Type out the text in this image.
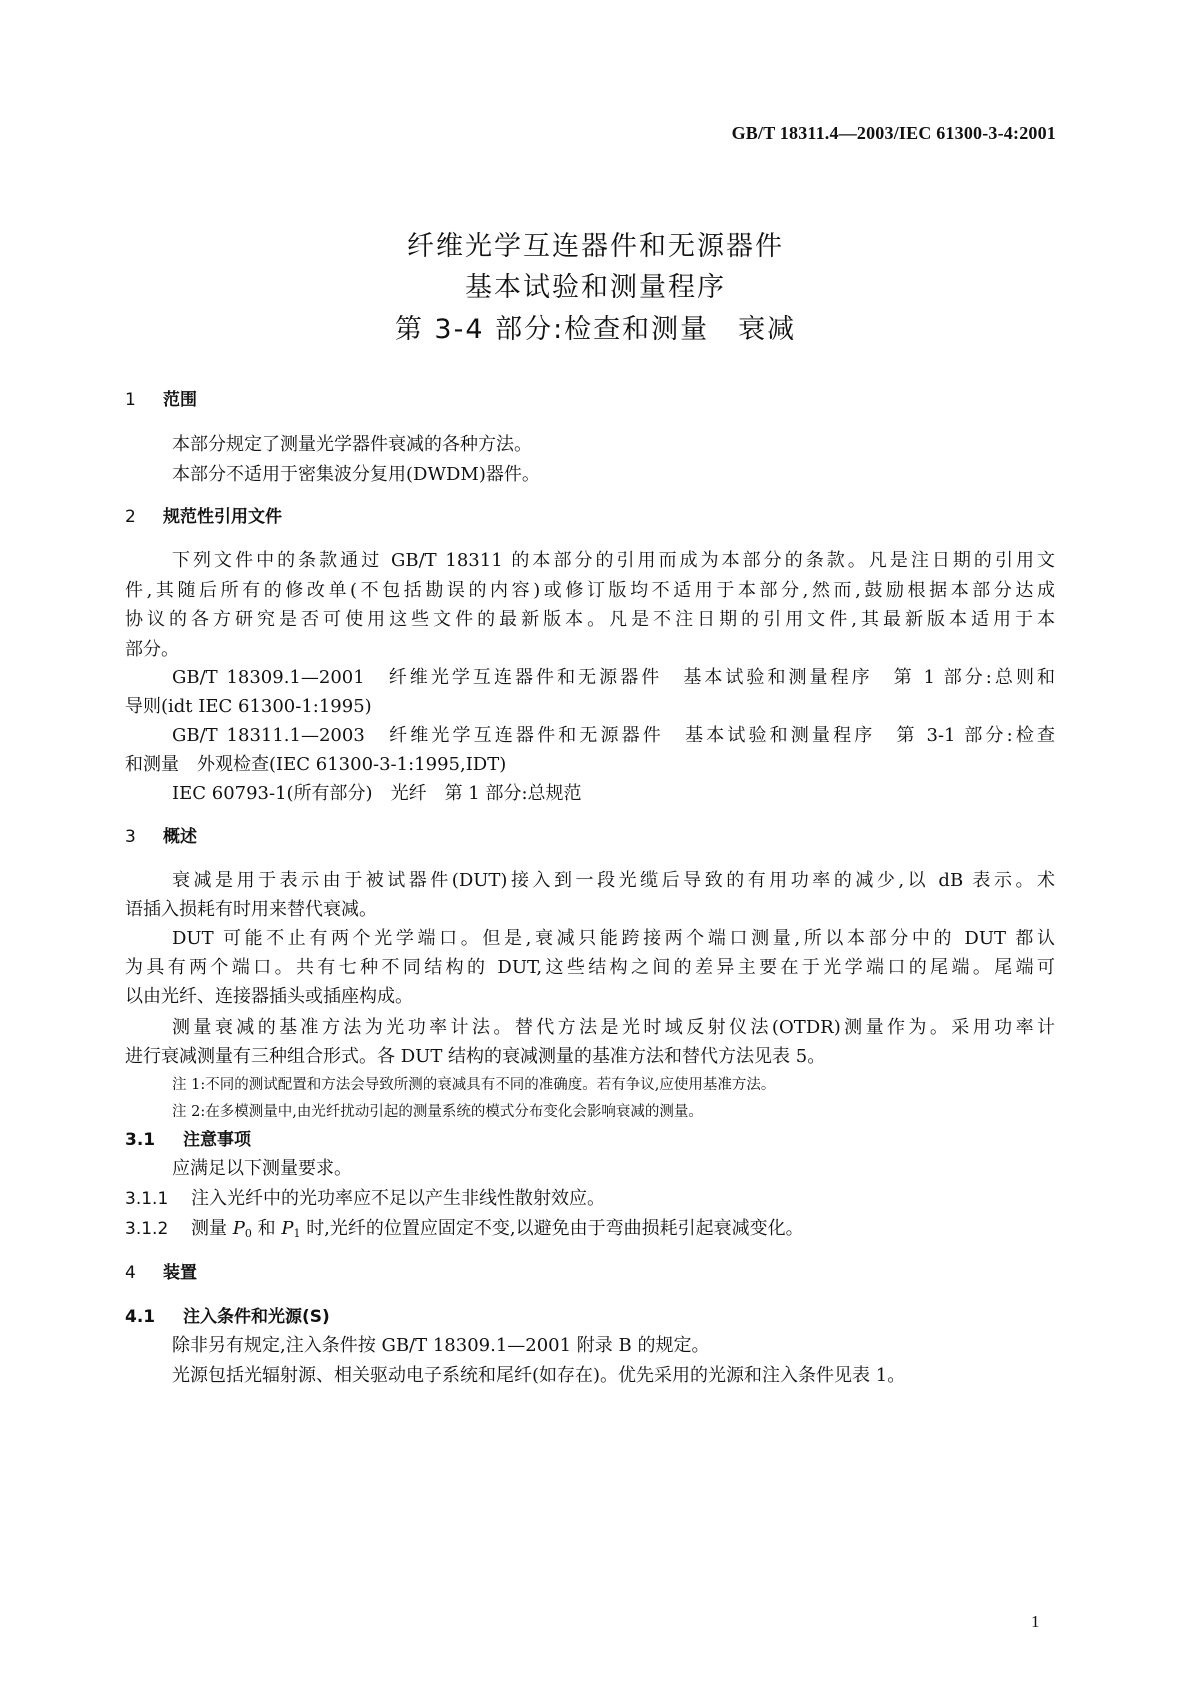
GB/T 18311.4—2003/IEC 61300-3-4:2001
纤维光学互连器件和无源器件
基本试验和测量程序
第 3-4 部分:检查和测量　衰减
1 范围
本部分规定了测量光学器件衰减的各种方法。
本部分不适用于密集波分复用(DWDM)器件。
2 规范性引用文件
下列文件中的条款通过 GB/T 18311 的本部分的引用而成为本部分的条款。凡是注日期的引用文
件,其随后所有的修改单(不包括勘误的内容)或修订版均不适用于本部分,然而,鼓励根据本部分达成
协议的各方研究是否可使用这些文件的最新版本。凡是不注日期的引用文件,其最新版本适用于本
部分。
GB/T 18309.1—2001　纤维光学互连器件和无源器件　基本试验和测量程序　第 1 部分:总则和
导则(idt IEC 61300-1:1995)
GB/T 18311.1—2003　纤维光学互连器件和无源器件　基本试验和测量程序　第 3-1 部分:检查
和测量　外观检查(IEC 61300-3-1:1995,IDT)
IEC 60793-1(所有部分)　光纤　第 1 部分:总规范
3 概述
衰减是用于表示由于被试器件(DUT)接入到一段光缆后导致的有用功率的减少,以 dB 表示。术
语插入损耗有时用来替代衰减。
DUT 可能不止有两个光学端口。但是,衰减只能跨接两个端口测量,所以本部分中的 DUT 都认
为具有两个端口。共有七种不同结构的 DUT,这些结构之间的差异主要在于光学端口的尾端。尾端可
以由光纤、连接器插头或插座构成。
测量衰减的基准方法为光功率计法。替代方法是光时域反射仪法(OTDR)测量作为。采用功率计
进行衰减测量有三种组合形式。各 DUT 结构的衰减测量的基准方法和替代方法见表 5。
注 1:不同的测试配置和方法会导致所测的衰减具有不同的准确度。若有争议,应使用基准方法。
注 2:在多模测量中,由光纤扰动引起的测量系统的模式分布变化会影响衰减的测量。
3.1 注意事项
应满足以下测量要求。
3.1.1 注入光纤中的光功率应不足以产生非线性散射效应。
3.1.2 测量 $P_0$ 和 $P_1$ 时,光纤的位置应固定不变,以避免由于弯曲损耗引起衰减变化。
4 装置
4.1 注入条件和光源(S)
除非另有规定,注入条件按 GB/T 18309.1—2001 附录 B 的规定。
光源包括光辐射源、相关驱动电子系统和尾纤(如存在)。优先采用的光源和注入条件见表 1。
1
